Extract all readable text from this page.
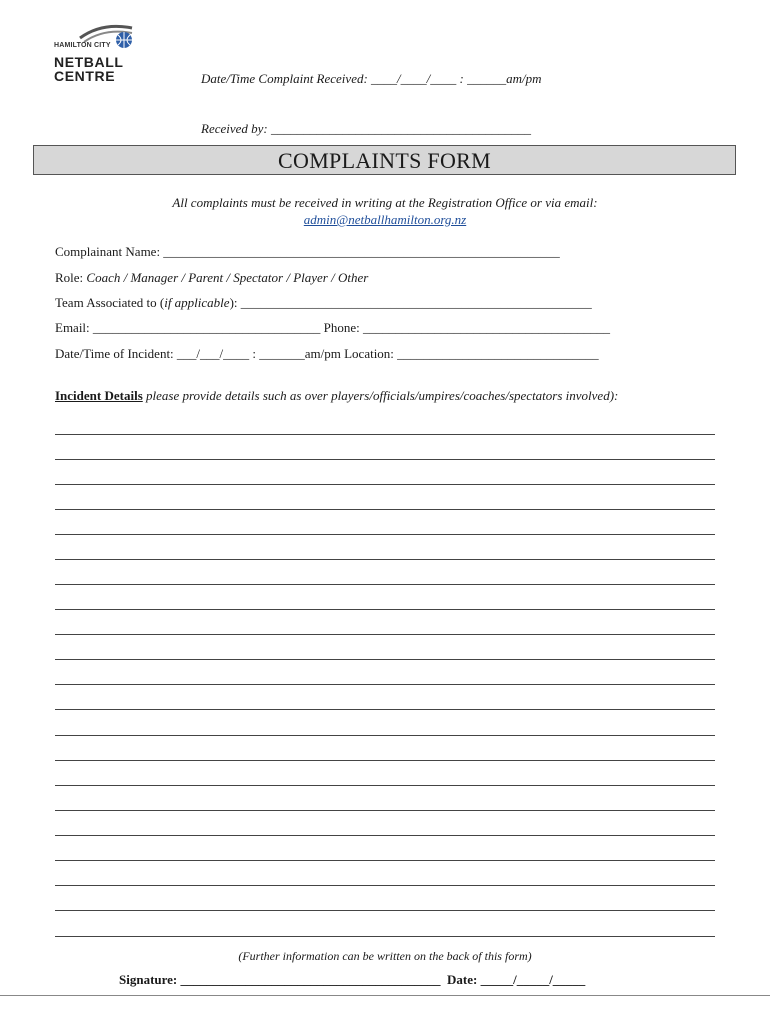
HAMILTON CITY
NETBALL
CENTRE	Date/Time Complaint Received: ____/____/____ : ______am/pm
Received by: ________________________________________
COMPLAINTS FORM
All complaints must be received in writing at the Registration Office or via email:
admin@netballhamilton.org.nz
Complainant Name: _____________________________________________________________
Role: Coach / Manager / Parent / Spectator / Player / Other
Team Associated to (if applicable): ______________________________________________________
Email: ___________________________________ Phone: ______________________________________
Date/Time of Incident: ___/___/____ : _______am/pm Location: _______________________________
Incident Details please provide details such as over players/officials/umpires/coaches/spectators involved):
(Further information can be written on the back of this form)
Signature: ________________________________________  Date: _____/_____/_____
